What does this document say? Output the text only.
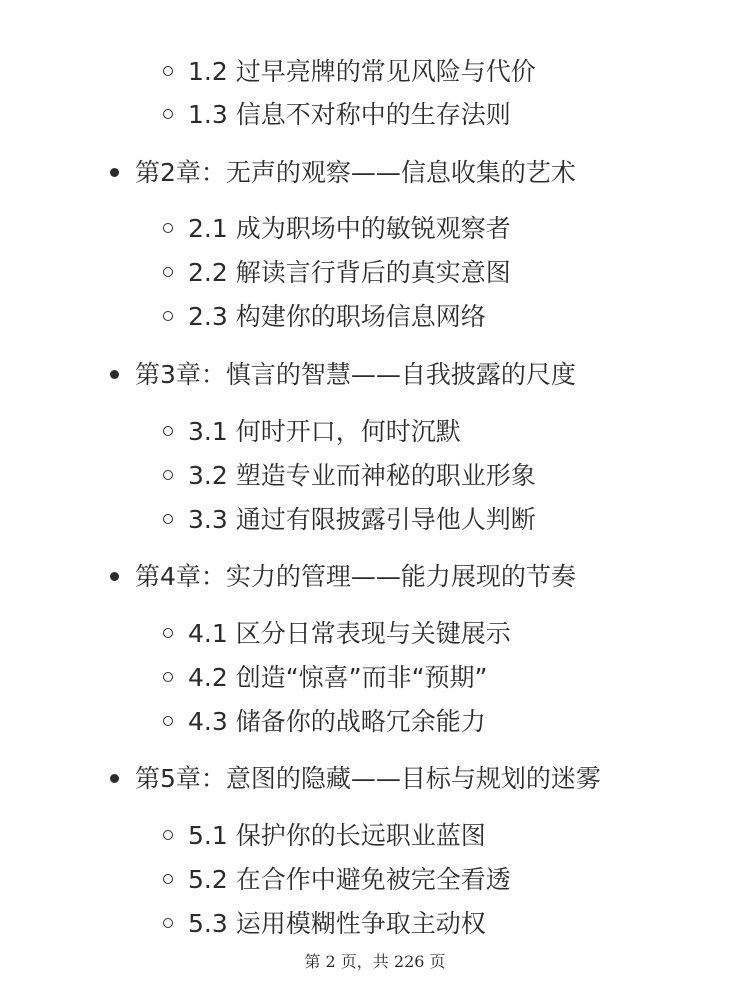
1.2 过早亮牌的常见风险与代价
1.3 信息不对称中的生存法则
第2章：无声的观察——信息收集的艺术
2.1 成为职场中的敏锐观察者
2.2 解读言行背后的真实意图
2.3 构建你的职场信息网络
第3章：慎言的智慧——自我披露的尺度
3.1 何时开口，何时沉默
3.2 塑造专业而神秘的职业形象
3.3 通过有限披露引导他人判断
第4章：实力的管理——能力展现的节奏
4.1 区分日常表现与关键展示
4.2 创造“惊喜”而非“预期”
4.3 储备你的战略冗余能力
第5章：意图的隐藏——目标与规划的迷雾
5.1 保护你的长远职业蓝图
5.2 在合作中避免被完全看透
5.3 运用模糊性争取主动权
第 2 页，共 226 页
